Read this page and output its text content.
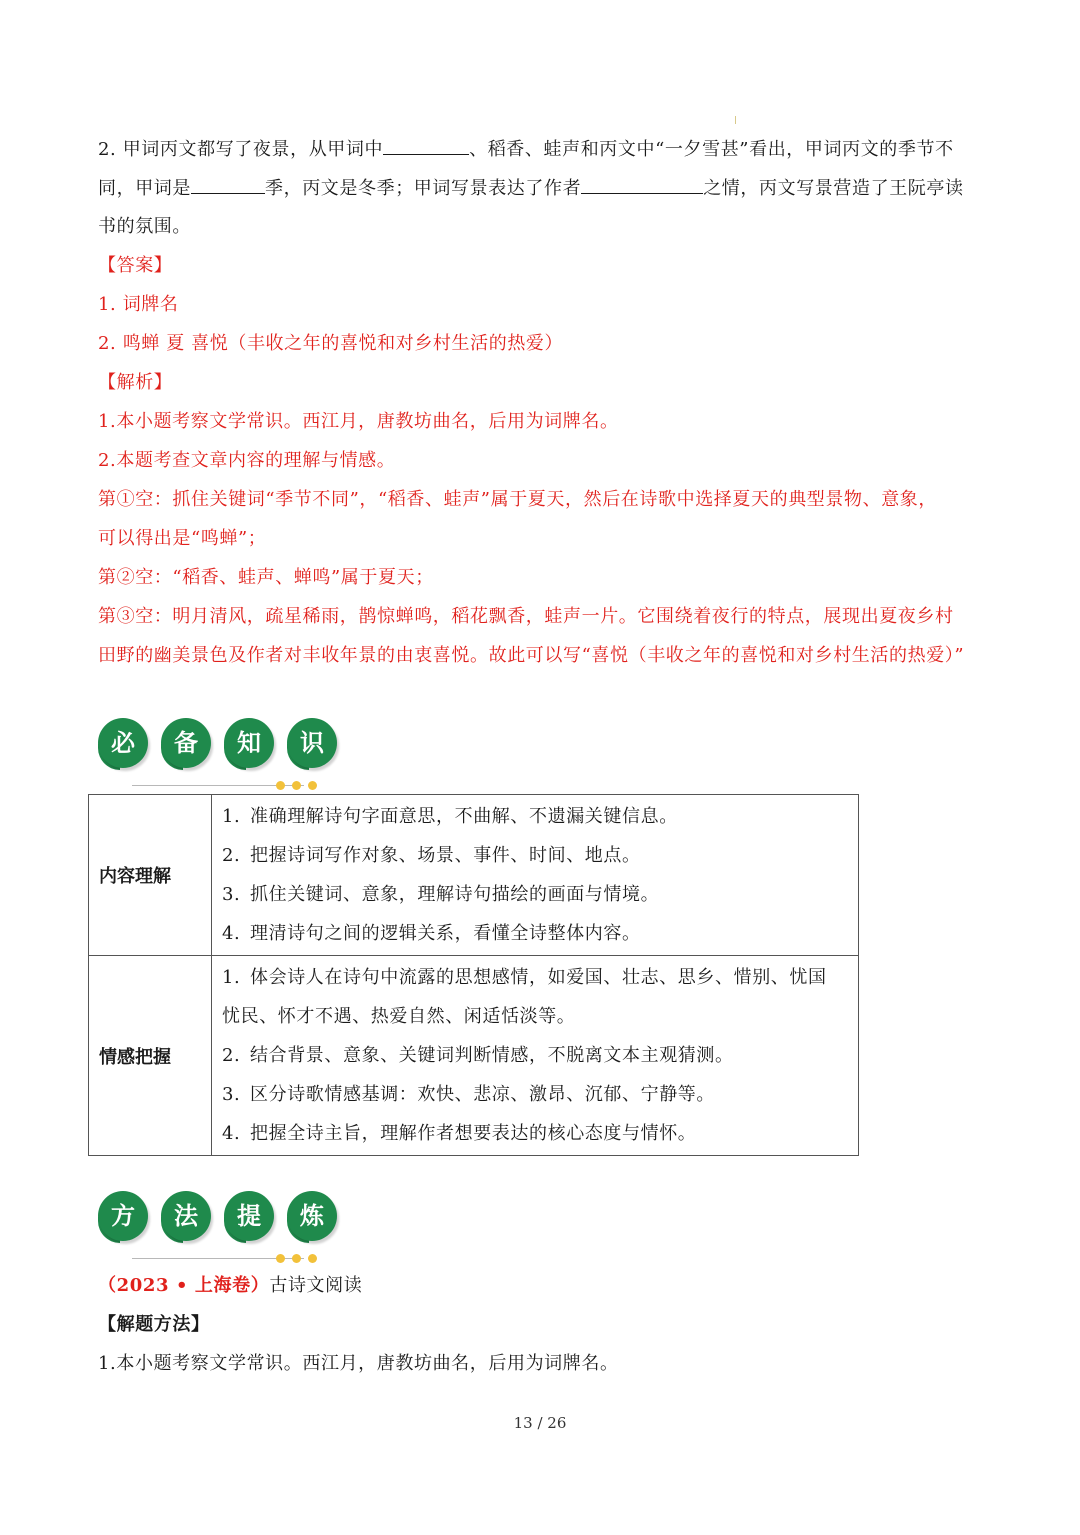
2. 甲词丙文都写了夜景，从甲词中	、稻香、蛙声和丙文中“一夕雪甚”看出，甲词丙文的季节不
同，甲词是	季，丙文是冬季；甲词写景表达了作者	之情，丙文写景营造了王阮亭读
书的氛围。
【答案】
1. 词牌名
2. 鸣蝉 夏 喜悦（丰收之年的喜悦和对乡村生活的热爱）
【解析】
1.本小题考察文学常识。西江月，唐教坊曲名，后用为词牌名。
2.本题考查文章内容的理解与情感。
第①空：抓住关键词“季节不同”，“稻香、蛙声”属于夏天，然后在诗歌中选择夏天的典型景物、意象，
可以得出是“鸣蝉”；
第②空：“稻香、蛙声、蝉鸣”属于夏天；
第③空：明月清风，疏星稀雨，鹊惊蝉鸣，稻花飘香，蛙声一片。它围绕着夜行的特点，展现出夏夜乡村
田野的幽美景色及作者对丰收年景的由衷喜悦。故此可以写“喜悦（丰收之年的喜悦和对乡村生活的热爱）”
必	备	知	识
内容理解	1. 准确理解诗句字面意思，不曲解、不遗漏关键信息。
2. 把握诗词写作对象、场景、事件、时间、地点。
3. 抓住关键词、意象，理解诗句描绘的画面与情境。
4. 理清诗句之间的逻辑关系，看懂全诗整体内容。

情感把握	1. 体会诗人在诗句中流露的思想感情，如爱国、壮志、思乡、惜别、忧国
忧民、怀才不遇、热爱自然、闲适恬淡等。
2. 结合背景、意象、关键词判断情感，不脱离文本主观猜测。
3. 区分诗歌情感基调：欢快、悲凉、激昂、沉郁、宁静等。
4. 把握全诗主旨，理解作者想要表达的核心态度与情怀。
方	法	提	炼
（2023 • 上海卷）古诗文阅读
【解题方法】
1.本小题考察文学常识。西江月，唐教坊曲名，后用为词牌名。
13 / 26
